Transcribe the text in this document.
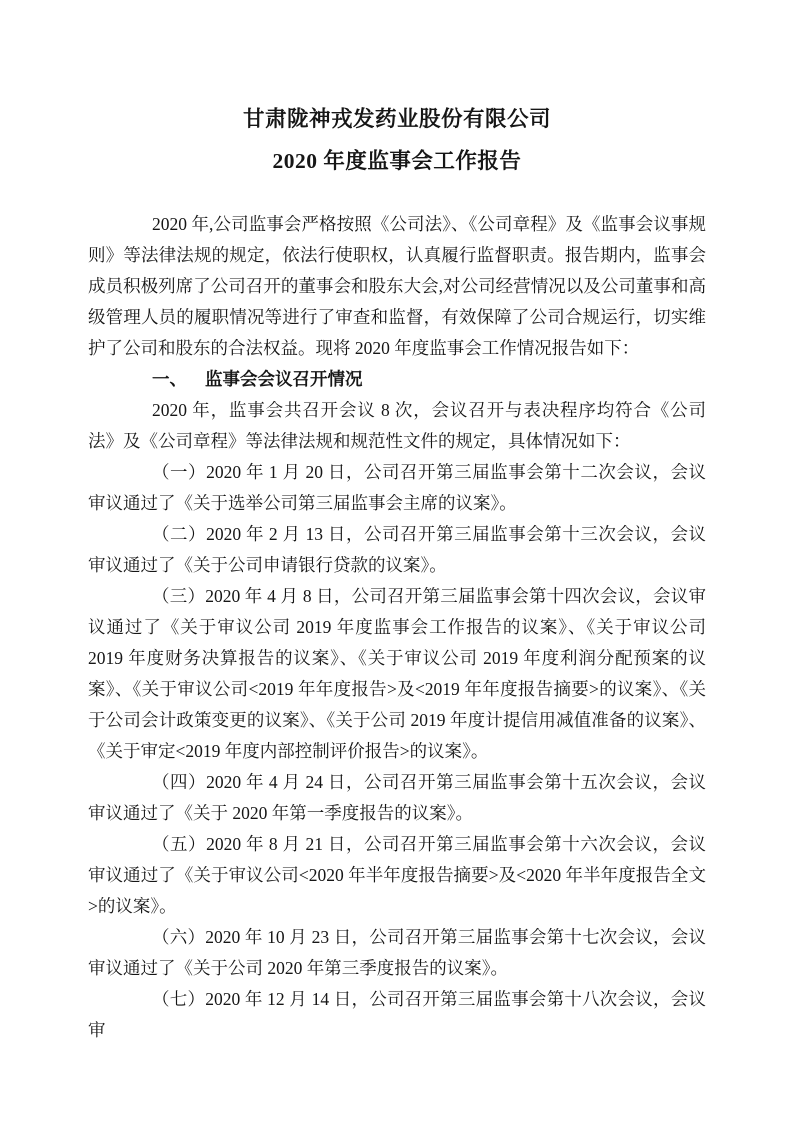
甘肃陇神戎发药业股份有限公司
2020 年度监事会工作报告

2020 年,公司监事会严格按照《公司法》、《公司章程》及《监事会议事规则》等法律法规的规定，依法行使职权，认真履行监督职责。报告期内，监事会成员积极列席了公司召开的董事会和股东大会,对公司经营情况以及公司董事和高级管理人员的履职情况等进行了审查和监督，有效保障了公司合规运行，切实维护了公司和股东的合法权益。现将 2020 年度监事会工作情况报告如下：

一、 监事会会议召开情况

2020 年，监事会共召开会议 8 次，会议召开与表决程序均符合《公司法》及《公司章程》等法律法规和规范性文件的规定，具体情况如下：

（一）2020 年 1 月 20 日，公司召开第三届监事会第十二次会议，会议审议通过了《关于选举公司第三届监事会主席的议案》。

（二）2020 年 2 月 13 日，公司召开第三届监事会第十三次会议，会议审议通过了《关于公司申请银行贷款的议案》。

（三）2020 年 4 月 8 日，公司召开第三届监事会第十四次会议，会议审议通过了《关于审议公司 2019 年度监事会工作报告的议案》、《关于审议公司 2019 年度财务决算报告的议案》、《关于审议公司 2019 年度利润分配预案的议案》、《关于审议公司<2019 年年度报告>及<2019 年年度报告摘要>的议案》、《关于公司会计政策变更的议案》、《关于公司 2019 年度计提信用减值准备的议案》、《关于审定<2019 年度内部控制评价报告>的议案》。

（四）2020 年 4 月 24 日，公司召开第三届监事会第十五次会议，会议审议通过了《关于 2020 年第一季度报告的议案》。

（五）2020 年 8 月 21 日，公司召开第三届监事会第十六次会议，会议审议通过了《关于审议公司<2020 年半年度报告摘要>及<2020 年半年度报告全文>的议案》。

（六）2020 年 10 月 23 日，公司召开第三届监事会第十七次会议，会议审议通过了《关于公司 2020 年第三季度报告的议案》。

（七）2020 年 12 月 14 日，公司召开第三届监事会第十八次会议，会议审
